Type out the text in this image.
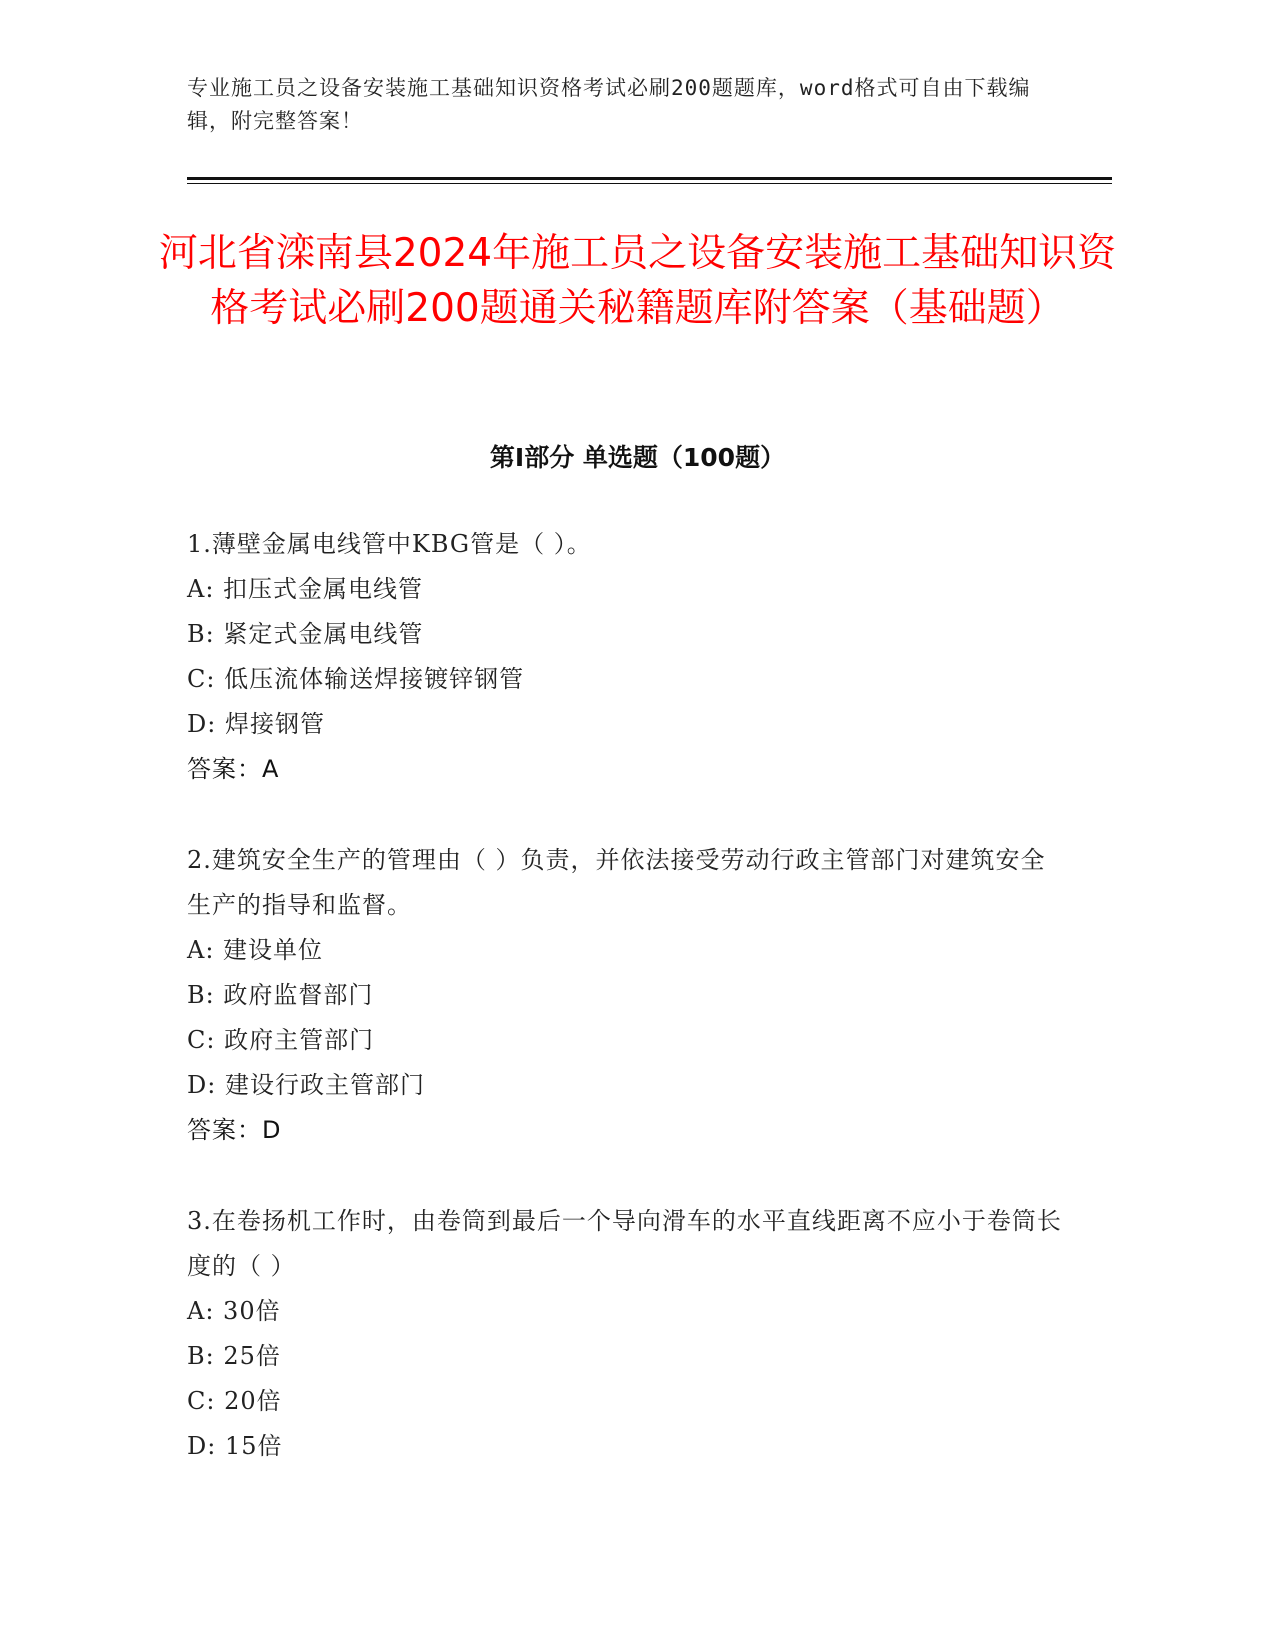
专业施工员之设备安装施工基础知识资格考试必刷200题题库，word格式可自由下载编辑，附完整答案！
河北省滦南县2024年施工员之设备安装施工基础知识资格考试必刷200题通关秘籍题库附答案（基础题）
第Ⅰ部分 单选题（100题）
1.薄壁金属电线管中KBG管是（ ）。
A: 扣压式金属电线管
B: 紧定式金属电线管
C: 低压流体输送焊接镀锌钢管
D: 焊接钢管
答案：A
2.建筑安全生产的管理由（ ）负责，并依法接受劳动行政主管部门对建筑安全生产的指导和监督。
A: 建设单位
B: 政府监督部门
C: 政府主管部门
D: 建设行政主管部门
答案：D
3.在卷扬机工作时，由卷筒到最后一个导向滑车的水平直线距离不应小于卷筒长度的（ ）
A: 30倍
B: 25倍
C: 20倍
D: 15倍
